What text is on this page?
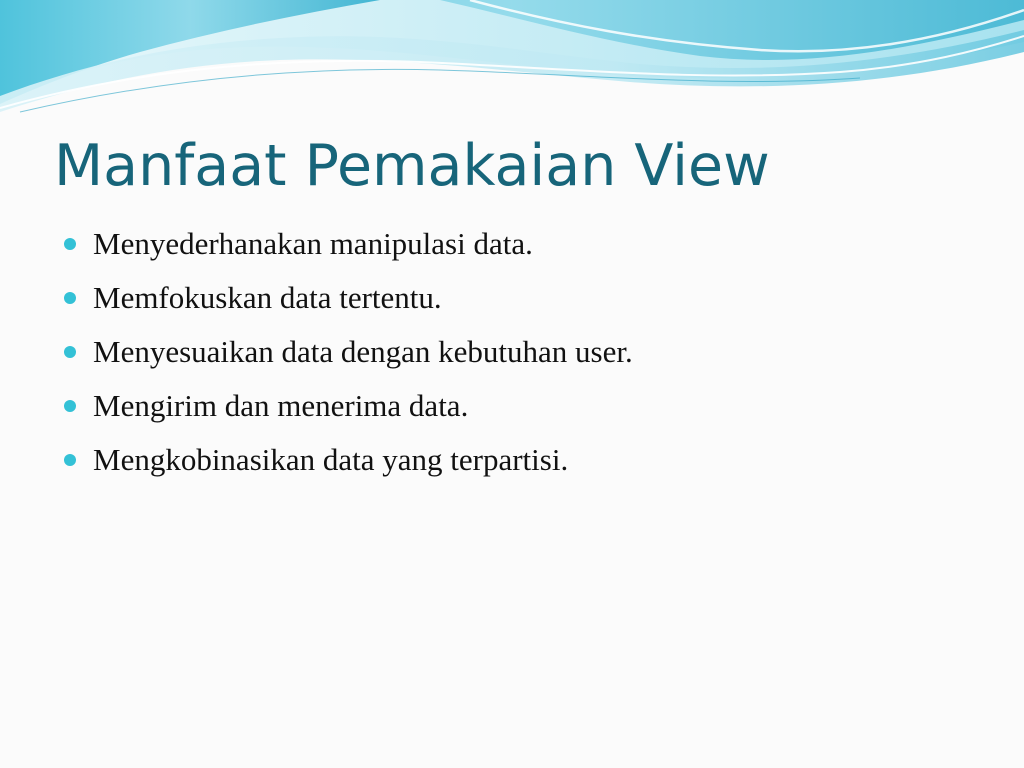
Manfaat Pemakaian View
Menyederhanakan manipulasi data.
Memfokuskan data tertentu.
Menyesuaikan data dengan kebutuhan user.
Mengirim dan menerima data.
Mengkobinasikan data yang terpartisi.
